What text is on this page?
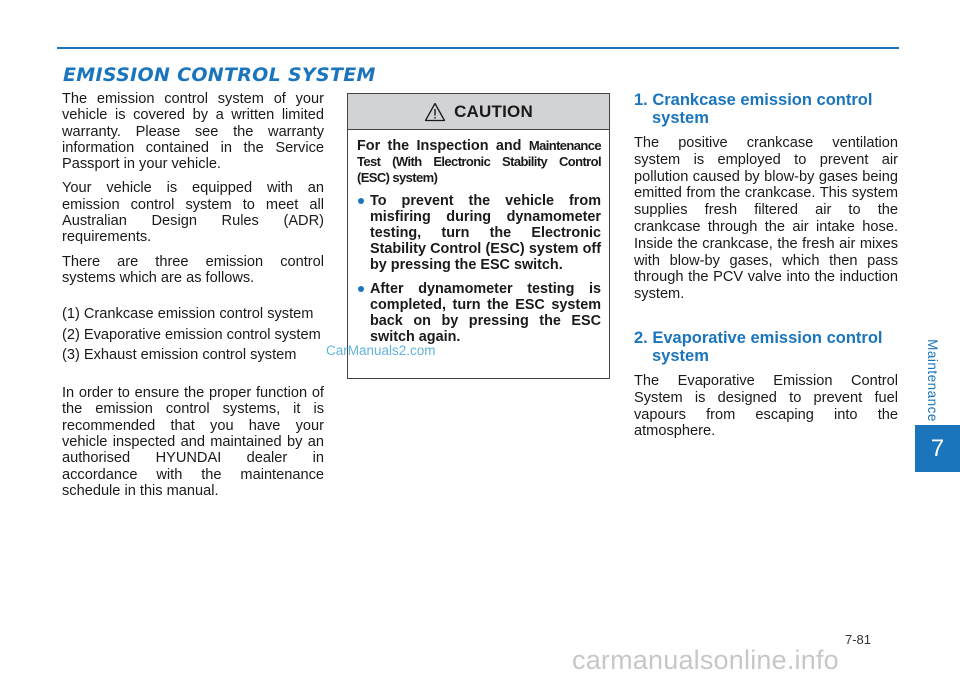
EMISSION CONTROL SYSTEM

The emission control system of your vehicle is covered by a written limited warranty. Please see the warranty information contained in the Service Passport in your vehicle.

Your vehicle is equipped with an emission control system to meet all Australian Design Rules (ADR) requirements.

There are three emission control systems which are as follows.

(1) Crankcase emission control system
(2) Evaporative emission control system
(3) Exhaust emission control system

In order to ensure the proper function of the emission control systems, it is recommended that you have your vehicle inspected and maintained by an authorised HYUNDAI dealer in accordance with the maintenance schedule in this manual.

CAUTION

For the Inspection and Maintenance Test (With Electronic Stability Control (ESC) system)

To prevent the vehicle from misfiring during dynamometer testing, turn the Electronic Stability Control (ESC) system off by pressing the ESC switch.
After dynamometer testing is completed, turn the ESC system back on by pressing the ESC switch again.
CarManuals2.com
1. Crankcase emission control system

The positive crankcase ventilation system is employed to prevent air pollution caused by blow-by gases being emitted from the crankcase. This system supplies fresh filtered air to the crankcase through the air intake hose. Inside the crankcase, the fresh air mixes with blow-by gases, which then pass through the PCV valve into the induction system.

2. Evaporative emission control system

The Evaporative Emission Control System is designed to prevent fuel vapours from escaping into the atmosphere.

Maintenance
7
7-81
carmanualsonline.info
